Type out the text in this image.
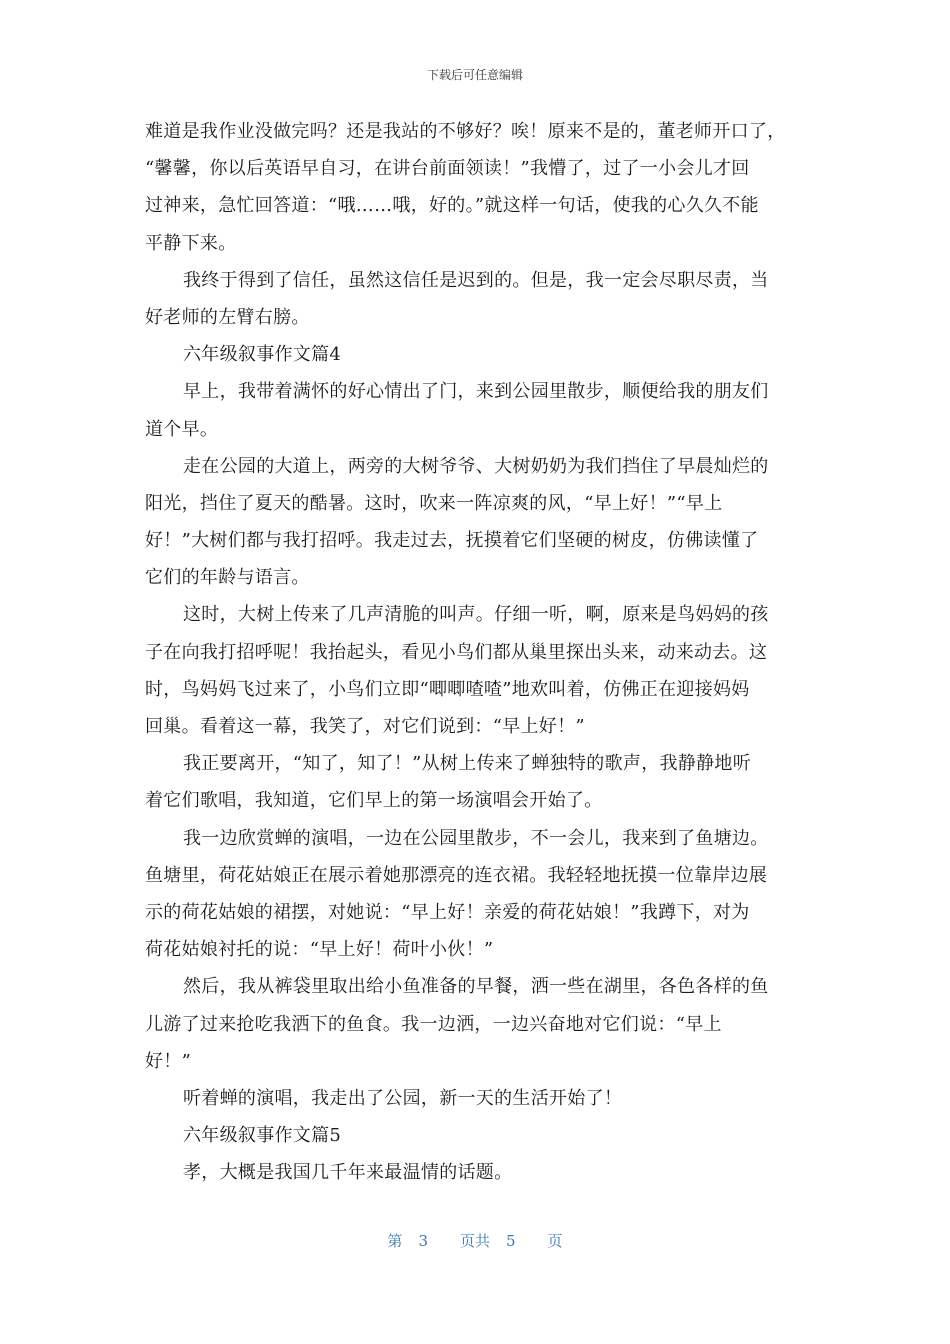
下载后可任意编辑
难道是我作业没做完吗？还是我站的不够好？唉！原来不是的，董老师开口了，
“馨馨，你以后英语早自习，在讲台前面领读！”我懵了，过了一小会儿才回
过神来，急忙回答道：“哦……哦，好的。”就这样一句话，使我的心久久不能
平静下来。
我终于得到了信任，虽然这信任是迟到的。但是，我一定会尽职尽责，当
好老师的左臂右膀。
六年级叙事作文篇4
早上，我带着满怀的好心情出了门，来到公园里散步，顺便给我的朋友们
道个早。
走在公园的大道上，两旁的大树爷爷、大树奶奶为我们挡住了早晨灿烂的
阳光，挡住了夏天的酷暑。这时，吹来一阵凉爽的风，“早上好！”“早上
好！”大树们都与我打招呼。我走过去，抚摸着它们坚硬的树皮，仿佛读懂了
它们的年龄与语言。
这时，大树上传来了几声清脆的叫声。仔细一听，啊，原来是鸟妈妈的孩
子在向我打招呼呢！我抬起头，看见小鸟们都从巢里探出头来，动来动去。这
时，鸟妈妈飞过来了，小鸟们立即“唧唧喳喳”地欢叫着，仿佛正在迎接妈妈
回巢。看着这一幕，我笑了，对它们说到：“早上好！”
我正要离开，“知了，知了！”从树上传来了蝉独特的歌声，我静静地听
着它们歌唱，我知道，它们早上的第一场演唱会开始了。
我一边欣赏蝉的演唱，一边在公园里散步，不一会儿，我来到了鱼塘边。
鱼塘里，荷花姑娘正在展示着她那漂亮的连衣裙。我轻轻地抚摸一位靠岸边展
示的荷花姑娘的裙摆，对她说：“早上好！亲爱的荷花姑娘！”我蹲下，对为
荷花姑娘衬托的说：“早上好！荷叶小伙！”
然后，我从裤袋里取出给小鱼准备的早餐，洒一些在湖里，各色各样的鱼
儿游了过来抢吃我洒下的鱼食。我一边洒，一边兴奋地对它们说：“早上
好！”
听着蝉的演唱，我走出了公园，新一天的生活开始了！
六年级叙事作文篇5
孝，大概是我国几千年来最温情的话题。
第 3 页共 5 页
